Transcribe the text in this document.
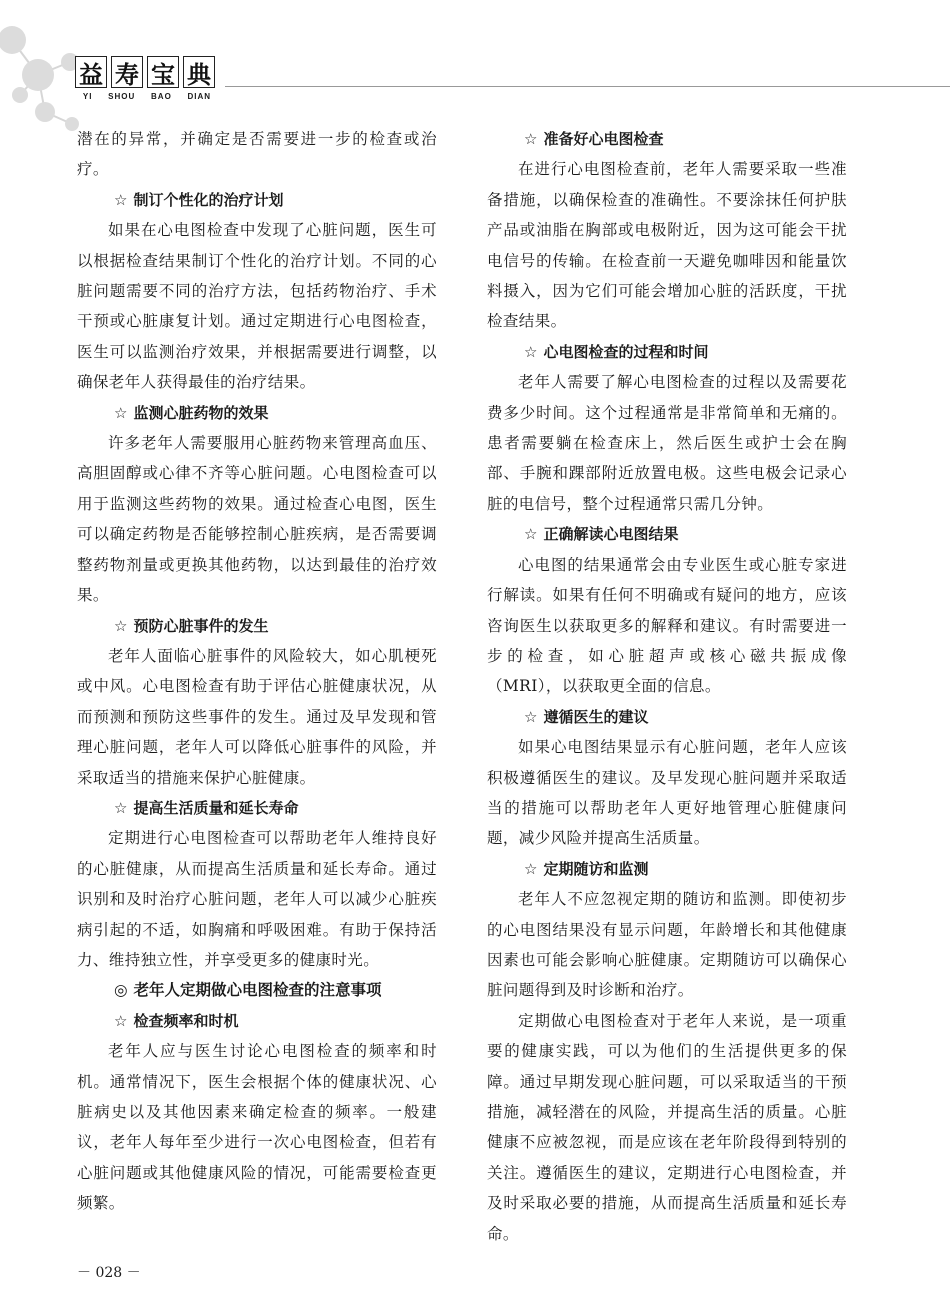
益 寿 宝 典
YI SHOU BAO DIAN

潜在的异常，并确定是否需要进一步的检查或治疗。

☆ 制订个性化的治疗计划

如果在心电图检查中发现了心脏问题，医生可以根据检查结果制订个性化的治疗计划。不同的心脏问题需要不同的治疗方法，包括药物治疗、手术干预或心脏康复计划。通过定期进行心电图检查，医生可以监测治疗效果，并根据需要进行调整，以确保老年人获得最佳的治疗结果。

☆ 监测心脏药物的效果

许多老年人需要服用心脏药物来管理高血压、高胆固醇或心律不齐等心脏问题。心电图检查可以用于监测这些药物的效果。通过检查心电图，医生可以确定药物是否能够控制心脏疾病，是否需要调整药物剂量或更换其他药物，以达到最佳的治疗效果。

☆ 预防心脏事件的发生

老年人面临心脏事件的风险较大，如心肌梗死或中风。心电图检查有助于评估心脏健康状况，从而预测和预防这些事件的发生。通过及早发现和管理心脏问题，老年人可以降低心脏事件的风险，并采取适当的措施来保护心脏健康。

☆ 提高生活质量和延长寿命

定期进行心电图检查可以帮助老年人维持良好的心脏健康，从而提高生活质量和延长寿命。通过识别和及时治疗心脏问题，老年人可以减少心脏疾病引起的不适，如胸痛和呼吸困难。有助于保持活力、维持独立性，并享受更多的健康时光。

◎ 老年人定期做心电图检查的注意事项

☆ 检查频率和时机

老年人应与医生讨论心电图检查的频率和时机。通常情况下，医生会根据个体的健康状况、心脏病史以及其他因素来确定检查的频率。一般建议，老年人每年至少进行一次心电图检查，但若有心脏问题或其他健康风险的情况，可能需要检查更频繁。

☆ 准备好心电图检查

在进行心电图检查前，老年人需要采取一些准备措施，以确保检查的准确性。不要涂抹任何护肤产品或油脂在胸部或电极附近，因为这可能会干扰电信号的传输。在检查前一天避免咖啡因和能量饮料摄入，因为它们可能会增加心脏的活跃度，干扰检查结果。

☆ 心电图检查的过程和时间

老年人需要了解心电图检查的过程以及需要花费多少时间。这个过程通常是非常简单和无痛的。患者需要躺在检查床上，然后医生或护士会在胸部、手腕和踝部附近放置电极。这些电极会记录心脏的电信号，整个过程通常只需几分钟。

☆ 正确解读心电图结果

心电图的结果通常会由专业医生或心脏专家进行解读。如果有任何不明确或有疑问的地方，应该咨询医生以获取更多的解释和建议。有时需要进一步的检查，如心脏超声或核心磁共振成像（MRI），以获取更全面的信息。

☆ 遵循医生的建议

如果心电图结果显示有心脏问题，老年人应该积极遵循医生的建议。及早发现心脏问题并采取适当的措施可以帮助老年人更好地管理心脏健康问题，减少风险并提高生活质量。

☆ 定期随访和监测

老年人不应忽视定期的随访和监测。即使初步的心电图结果没有显示问题，年龄增长和其他健康因素也可能会影响心脏健康。定期随访可以确保心脏问题得到及时诊断和治疗。

定期做心电图检查对于老年人来说，是一项重要的健康实践，可以为他们的生活提供更多的保障。通过早期发现心脏问题，可以采取适当的干预措施，减轻潜在的风险，并提高生活的质量。心脏健康不应被忽视，而是应该在老年阶段得到特别的关注。遵循医生的建议，定期进行心电图检查，并及时采取必要的措施，从而提高生活质量和延长寿命。

－ 028 －
